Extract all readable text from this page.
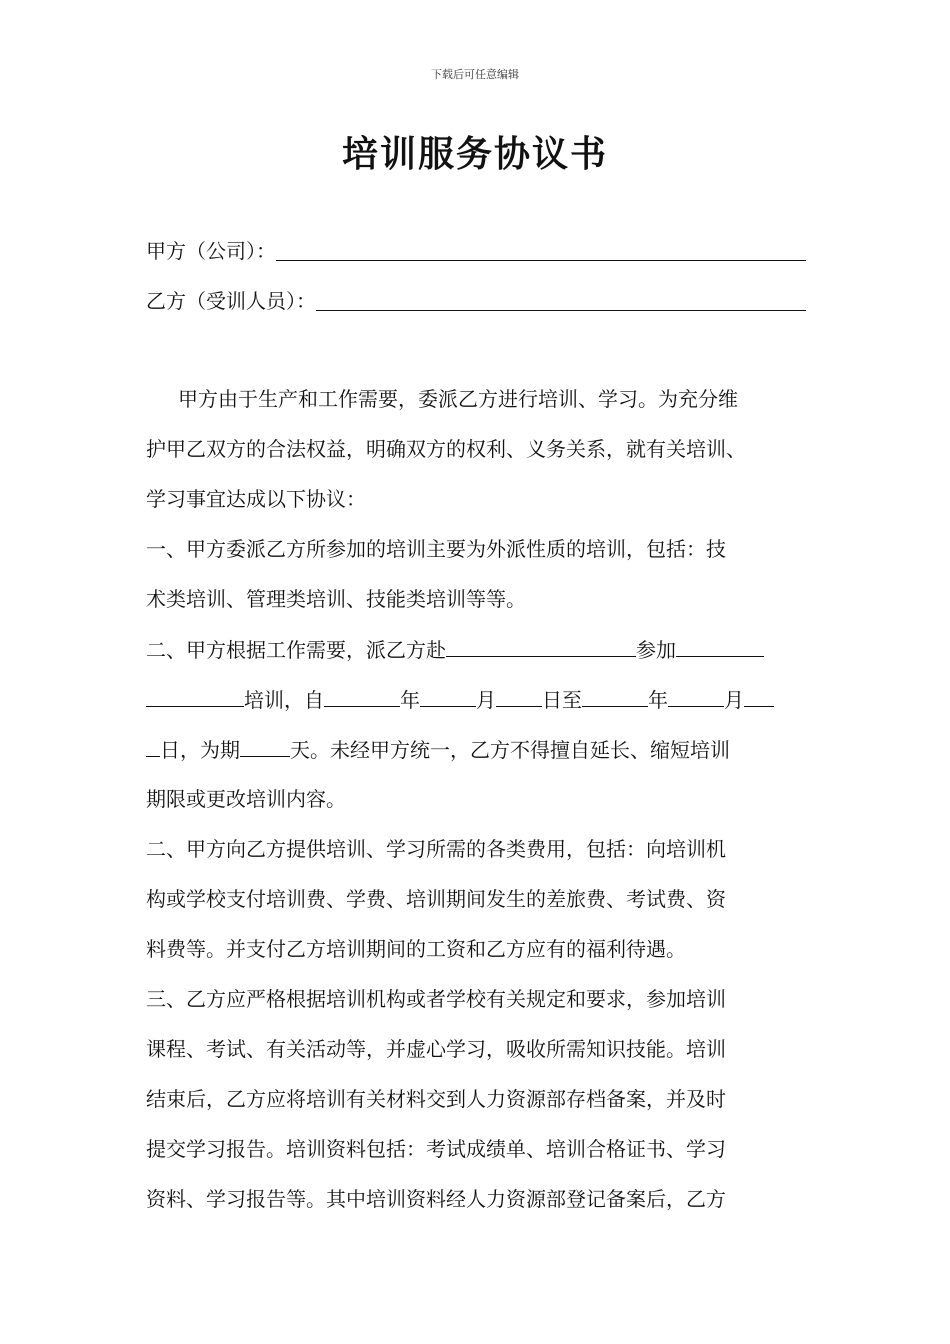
下载后可任意编辑
培训服务协议书
甲方（公司）：
乙方（受训人员）：
甲方由于生产和工作需要，委派乙方进行培训、学习。为充分维
护甲乙双方的合法权益，明确双方的权利、义务关系，就有关培训、
学习事宜达成以下协议：
一、甲方委派乙方所参加的培训主要为外派性质的培训，包括：技
术类培训、管理类培训、技能类培训等等。
二、甲方根据工作需要，派乙方赴	参加
培训，自	年	月 日至	年	月
日，为期	天。未经甲方统一，乙方不得擅自延长、缩短培训
期限或更改培训内容。
二、甲方向乙方提供培训、学习所需的各类费用，包括：向培训机
构或学校支付培训费、学费、培训期间发生的差旅费、考试费、资
料费等。并支付乙方培训期间的工资和乙方应有的福利待遇。
三、乙方应严格根据培训机构或者学校有关规定和要求，参加培训
课程、考试、有关活动等，并虚心学习，吸收所需知识技能。培训
结束后，乙方应将培训有关材料交到人力资源部存档备案，并及时
提交学习报告。培训资料包括：考试成绩单、培训合格证书、学习
资料、学习报告等。其中培训资料经人力资源部登记备案后，乙方
